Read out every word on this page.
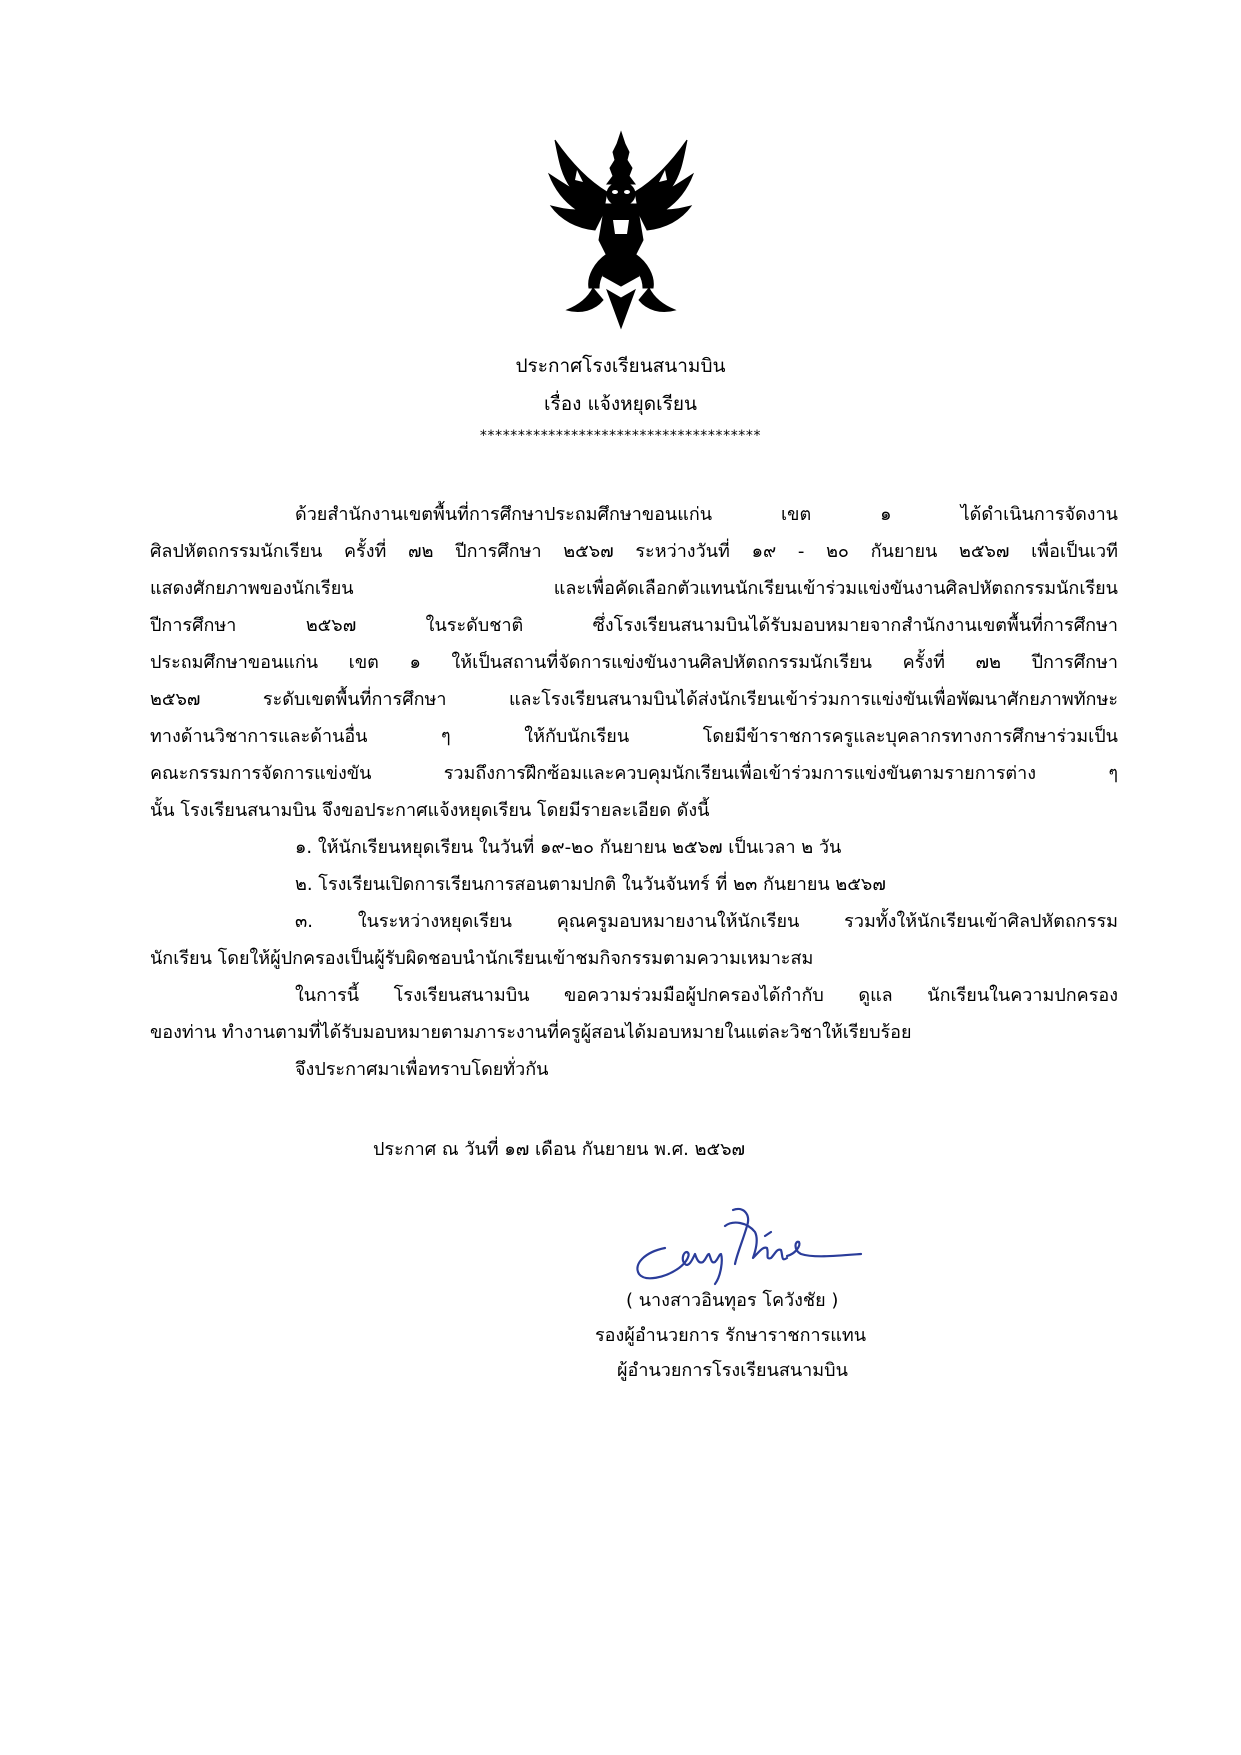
ประกาศโรงเรียนสนามบิน
เรื่อง แจ้งหยุดเรียน
*************************************
ด้วยสำนักงานเขตพื้นที่การศึกษาประถมศึกษาขอนแก่น เขต ๑ ได้ดำเนินการจัดงาน
ศิลปหัตถกรรมนักเรียน ครั้งที่ ๗๒ ปีการศึกษา ๒๕๖๗ ระหว่างวันที่ ๑๙ - ๒๐ กันยายน ๒๕๖๗ เพื่อเป็นเวที
แสดงศักยภาพของนักเรียน และเพื่อคัดเลือกตัวแทนนักเรียนเข้าร่วมแข่งขันงานศิลปหัตถกรรมนักเรียน
ปีการศึกษา ๒๕๖๗ ในระดับชาติ ซึ่งโรงเรียนสนามบินได้รับมอบหมายจากสำนักงานเขตพื้นที่การศึกษา
ประถมศึกษาขอนแก่น เขต ๑ ให้เป็นสถานที่จัดการแข่งขันงานศิลปหัตถกรรมนักเรียน ครั้งที่ ๗๒ ปีการศึกษา
๒๕๖๗ ระดับเขตพื้นที่การศึกษา และโรงเรียนสนามบินได้ส่งนักเรียนเข้าร่วมการแข่งขันเพื่อพัฒนาศักยภาพทักษะ
ทางด้านวิชาการและด้านอื่น ๆ ให้กับนักเรียน โดยมีข้าราชการครูและบุคลากรทางการศึกษาร่วมเป็น
คณะกรรมการจัดการแข่งขัน รวมถึงการฝึกซ้อมและควบคุมนักเรียนเพื่อเข้าร่วมการแข่งขันตามรายการต่าง ๆ
นั้น โรงเรียนสนามบิน จึงขอประกาศแจ้งหยุดเรียน โดยมีรายละเอียด ดังนี้
๑. ให้นักเรียนหยุดเรียน ในวันที่ ๑๙-๒๐ กันยายน ๒๕๖๗ เป็นเวลา ๒ วัน
๒. โรงเรียนเปิดการเรียนการสอนตามปกติ ในวันจันทร์ ที่ ๒๓ กันยายน ๒๕๖๗
๓. ในระหว่างหยุดเรียน คุณครูมอบหมายงานให้นักเรียน รวมทั้งให้นักเรียนเข้าศิลปหัตถกรรม
นักเรียน โดยให้ผู้ปกครองเป็นผู้รับผิดชอบนำนักเรียนเข้าชมกิจกรรมตามความเหมาะสม
ในการนี้ โรงเรียนสนามบิน ขอความร่วมมือผู้ปกครองได้กำกับ ดูแล นักเรียนในความปกครอง
ของท่าน ทำงานตามที่ได้รับมอบหมายตามภาระงานที่ครูผู้สอนได้มอบหมายในแต่ละวิชาให้เรียบร้อย
จึงประกาศมาเพื่อทราบโดยทั่วกัน
ประกาศ ณ วันที่ ๑๗ เดือน กันยายน พ.ศ. ๒๕๖๗
( นางสาวอินทุอร โควังชัย )
รองผู้อำนวยการ รักษาราชการแทน
ผู้อำนวยการโรงเรียนสนามบิน
